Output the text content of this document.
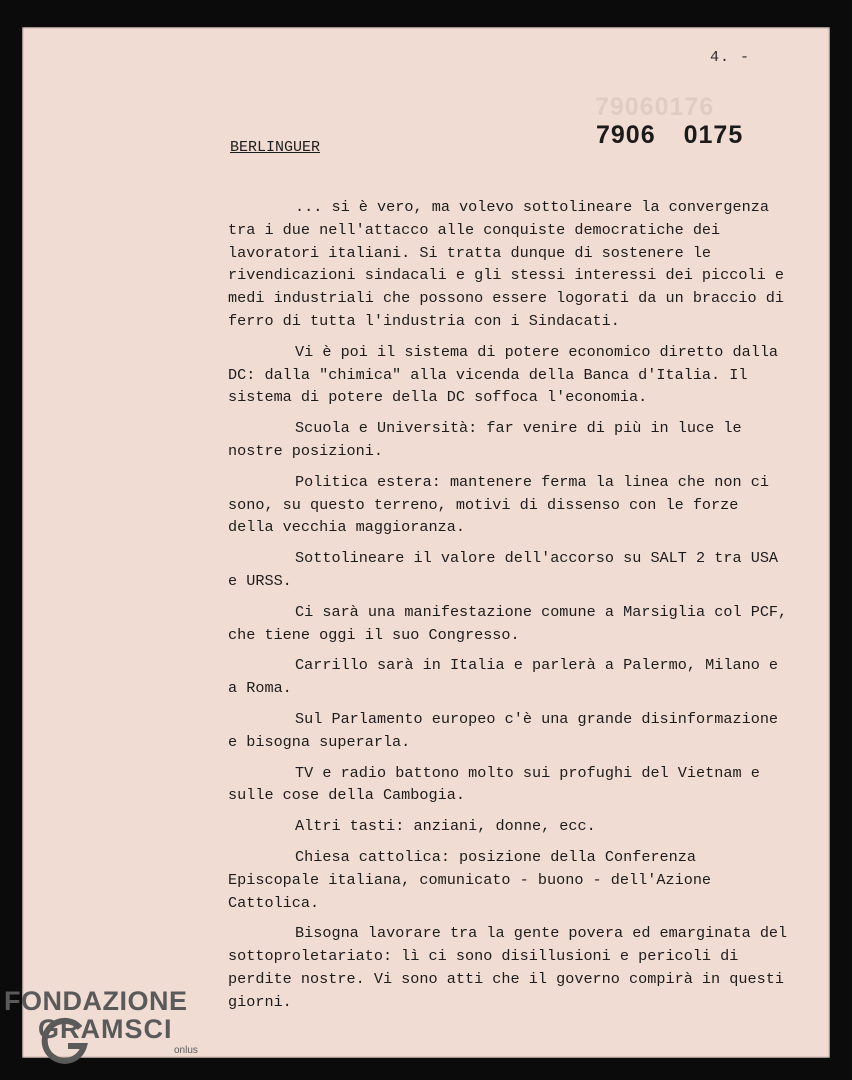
79060176
4. -
7906 0175
BERLINGUER

... si è vero, ma volevo sottolineare la convergenza tra i due nell'attacco alle conquiste democratiche dei lavoratori italiani. Si tratta dunque di sostenere le rivendicazioni sindacali e gli stessi interessi dei piccoli e medi industriali che possono essere logorati da un braccio di ferro di tutta l'industria con i Sindacati.

Vi è poi il sistema di potere economico diretto dalla DC: dalla "chimica" alla vicenda della Banca d'Italia. Il sistema di potere della DC soffoca l'economia.

Scuola e Università: far venire di più in luce le nostre posizioni.

Politica estera: mantenere ferma la linea che non ci sono, su questo terreno, motivi di dissenso con le forze della vecchia maggioranza.

Sottolineare il valore dell'accorso su SALT 2 tra USA e URSS.

Ci sarà una manifestazione comune a Marsiglia col PCF, che tiene oggi il suo Congresso.

Carrillo sarà in Italia e parlerà a Palermo, Milano e a Roma.

Sul Parlamento europeo c'è una grande disinformazione e bisogna superarla.

TV e radio battono molto sui profughi del Vietnam e sulle cose della Cambogia.

Altri tasti: anziani, donne, ecc.

Chiesa cattolica: posizione della Conferenza Episcopale italiana, comunicato - buono - dell'Azione Cattolica.

Bisogna lavorare tra la gente povera ed emarginata del sottoproletariato: lì ci sono disillusioni e pericoli di perdite nostre. Vi sono atti che il governo compirà in questi giorni.

FONDAZIONE
GRAMSCI
onlus
